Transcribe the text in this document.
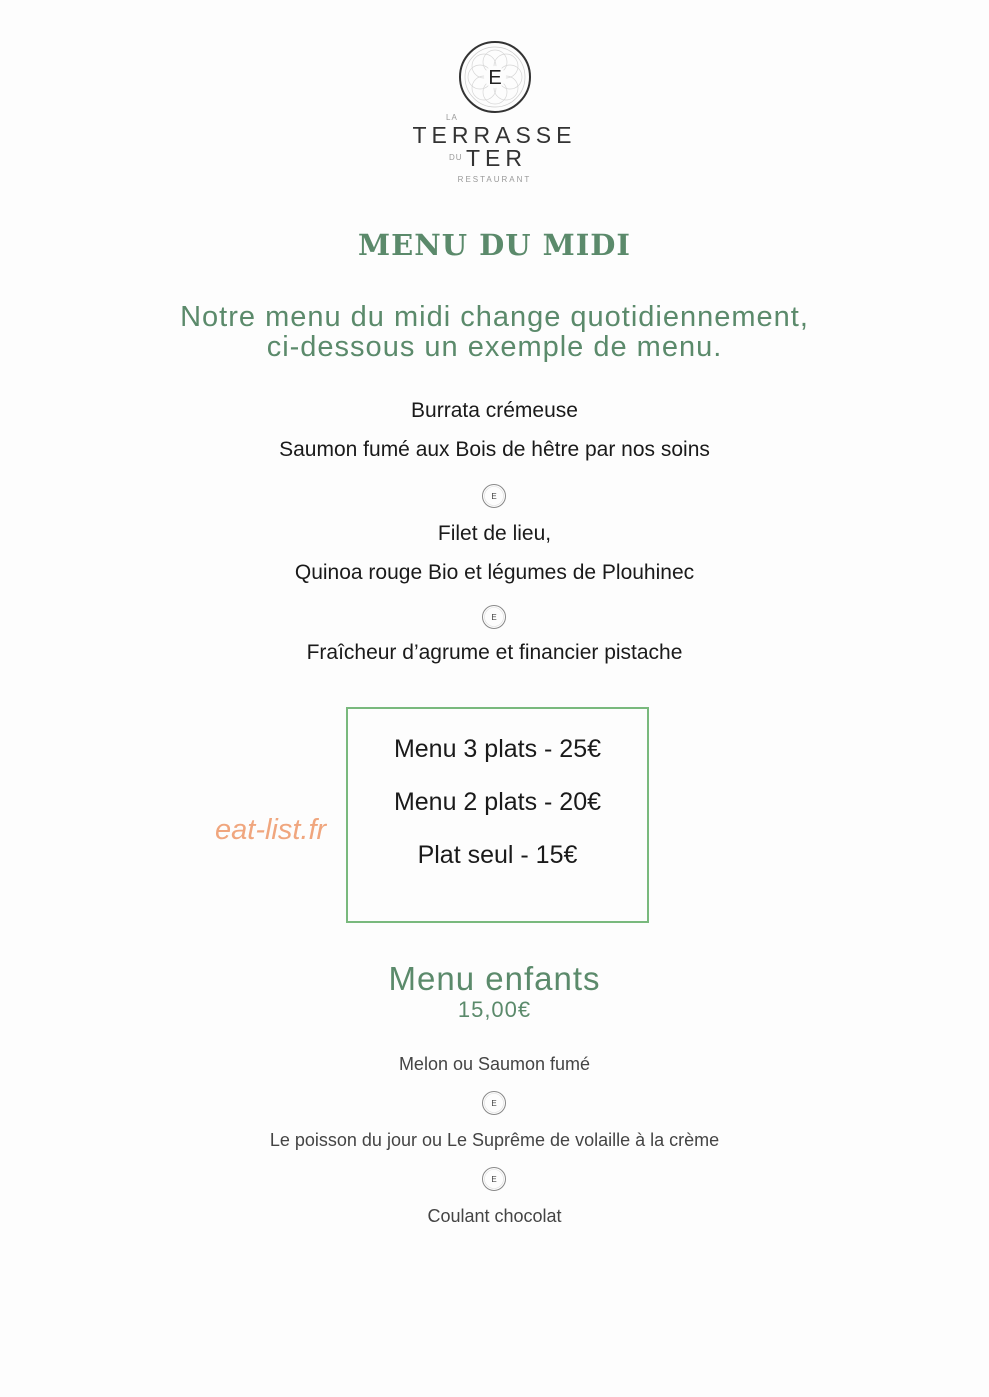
E
LA
TERRASSE
DU TER
RESTAURANT
MENU DU MIDI
Notre menu du midi change quotidiennement,
ci-dessous un exemple de menu.
Burrata crémeuse
Saumon fumé aux Bois de hêtre par nos soins
E
Filet de lieu,
Quinoa rouge Bio et légumes de Plouhinec
E
Fraîcheur d’agrume et financier pistache
Menu 3 plats - 25€
Menu 2 plats - 20€
Plat seul - 15€
eat-list.fr
Menu enfants
15,00€
Melon ou Saumon fumé
E
Le poisson du jour ou Le Suprême de volaille à la crème
E
Coulant chocolat
